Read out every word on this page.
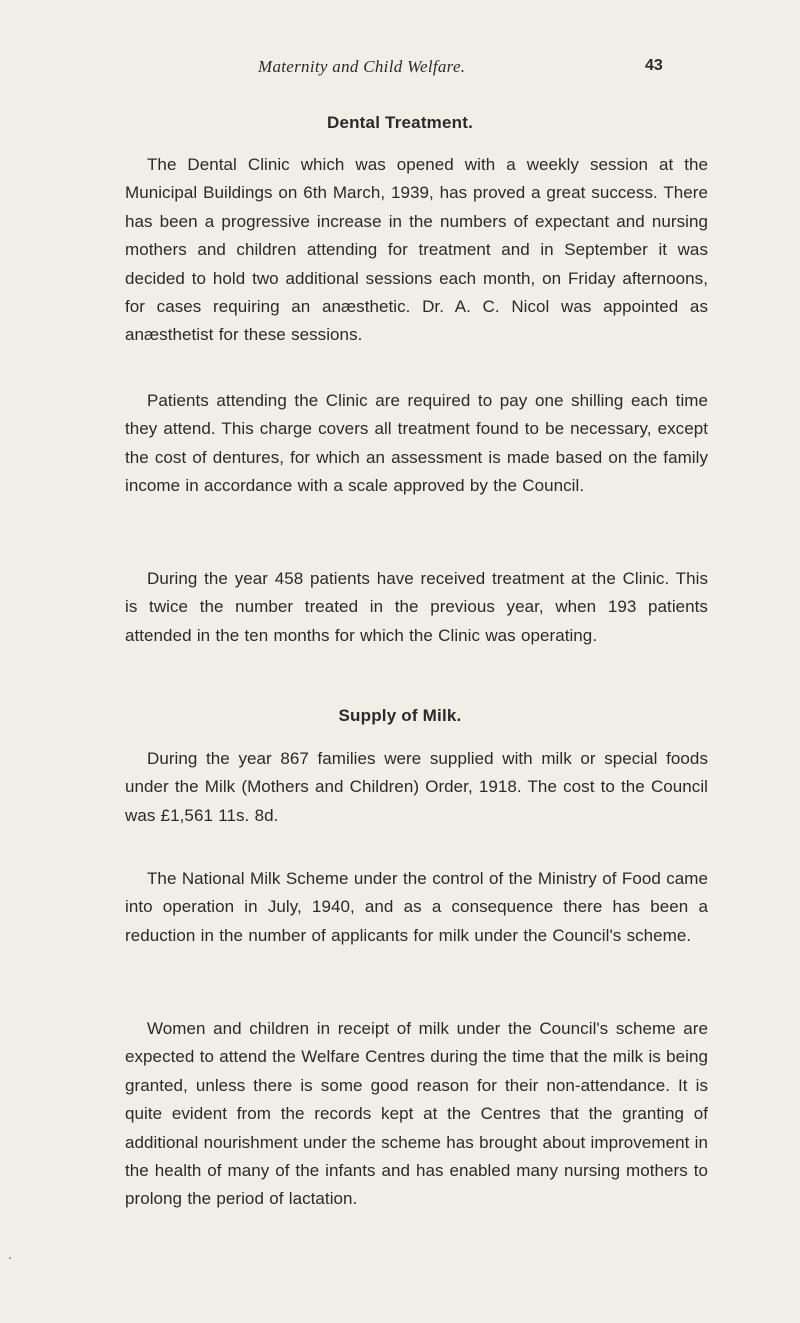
Maternity and Child Welfare.	43
Dental Treatment.

The Dental Clinic which was opened with a weekly session at the Municipal Buildings on 6th March, 1939, has proved a great success. There has been a progressive increase in the numbers of expectant and nursing mothers and children attending for treatment and in September it was decided to hold two additional sessions each month, on Friday afternoons, for cases requiring an anæsthetic. Dr. A. C. Nicol was appointed as anæsthetist for these sessions.

Patients attending the Clinic are required to pay one shilling each time they attend. This charge covers all treatment found to be necessary, except the cost of dentures, for which an assessment is made based on the family income in accordance with a scale approved by the Council.

During the year 458 patients have received treatment at the Clinic. This is twice the number treated in the previous year, when 193 patients attended in the ten months for which the Clinic was operating.

Supply of Milk.

During the year 867 families were supplied with milk or special foods under the Milk (Mothers and Children) Order, 1918. The cost to the Council was £1,561 11s. 8d.

The National Milk Scheme under the control of the Ministry of Food came into operation in July, 1940, and as a consequence there has been a reduction in the number of applicants for milk under the Council's scheme.

Women and children in receipt of milk under the Council's scheme are expected to attend the Welfare Centres during the time that the milk is being granted, unless there is some good reason for their non-attendance. It is quite evident from the records kept at the Centres that the granting of additional nourishment under the scheme has brought about improvement in the health of many of the infants and has enabled many nursing mothers to prolong the period of lactation.
